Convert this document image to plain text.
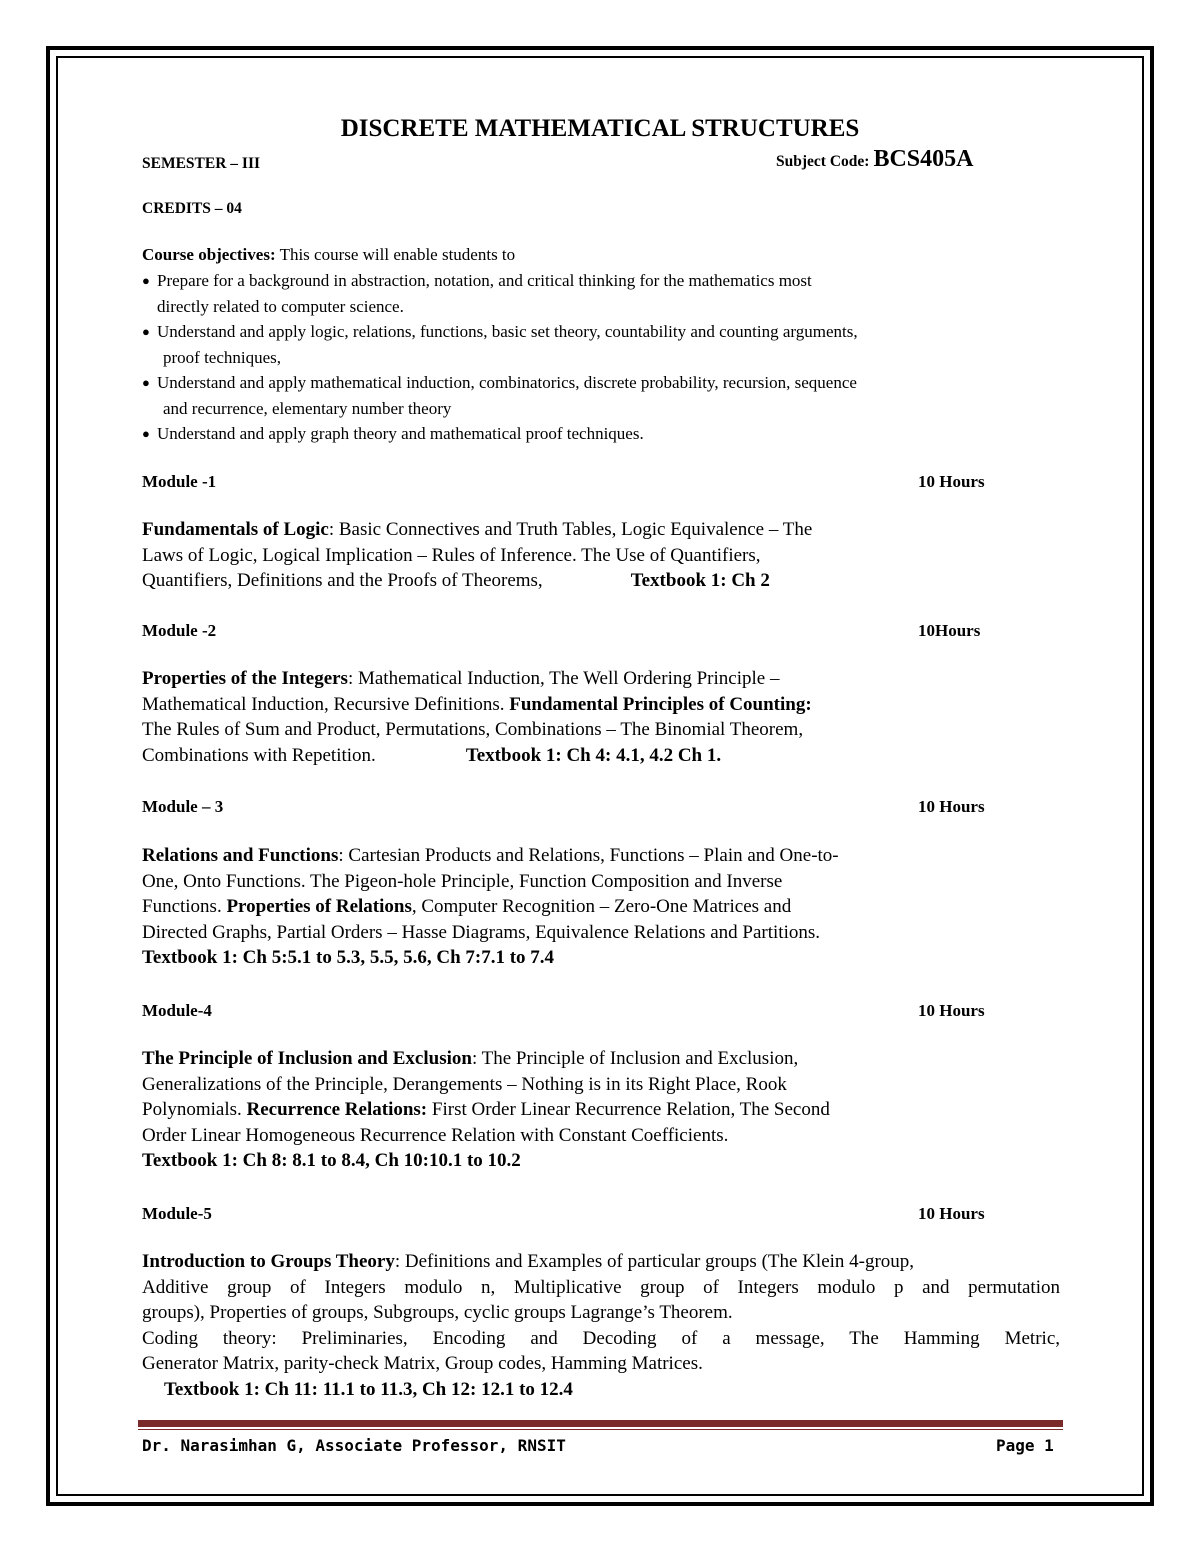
DISCRETE MATHEMATICAL STRUCTURES
SEMESTER – III	Subject Code: BCS405A
CREDITS – 04
Course objectives: This course will enable students to
● Prepare for a background in abstraction, notation, and critical thinking for the mathematics most
directly related to computer science.
● Understand and apply logic, relations, functions, basic set theory, countability and counting arguments,
proof techniques,
● Understand and apply mathematical induction, combinatorics, discrete probability, recursion, sequence
and recurrence, elementary number theory
● Understand and apply graph theory and mathematical proof techniques.
Module -1	10 Hours
Fundamentals of Logic: Basic Connectives and Truth Tables, Logic Equivalence – The
Laws of Logic, Logical Implication – Rules of Inference. The Use of Quantifiers,
Quantifiers, Definitions and the Proofs of Theorems,	Textbook 1: Ch 2
Module -2	10Hours
Properties of the Integers: Mathematical Induction, The Well Ordering Principle –
Mathematical Induction, Recursive Definitions. Fundamental Principles of Counting:
The Rules of Sum and Product, Permutations, Combinations – The Binomial Theorem,
Combinations with Repetition.	Textbook 1: Ch 4: 4.1, 4.2 Ch 1.
Module – 3	10 Hours
Relations and Functions: Cartesian Products and Relations, Functions – Plain and One-to-
One, Onto Functions. The Pigeon-hole Principle, Function Composition and Inverse
Functions. Properties of Relations, Computer Recognition – Zero-One Matrices and
Directed Graphs, Partial Orders – Hasse Diagrams, Equivalence Relations and Partitions.
Textbook 1: Ch 5:5.1 to 5.3, 5.5, 5.6, Ch 7:7.1 to 7.4
Module-4	10 Hours
The Principle of Inclusion and Exclusion: The Principle of Inclusion and Exclusion,
Generalizations of the Principle, Derangements – Nothing is in its Right Place, Rook
Polynomials. Recurrence Relations: First Order Linear Recurrence Relation, The Second
Order Linear Homogeneous Recurrence Relation with Constant Coefficients.
Textbook 1: Ch 8: 8.1 to 8.4, Ch 10:10.1 to 10.2
Module-5	10 Hours
Introduction to Groups Theory: Definitions and Examples of particular groups (The Klein 4-group,
Additive group of Integers modulo n, Multiplicative group of Integers modulo p and permutation
groups), Properties of groups, Subgroups, cyclic groups Lagrange’s Theorem.
Coding theory: Preliminaries, Encoding and Decoding of a message, The Hamming Metric,
Generator Matrix, parity-check Matrix, Group codes, Hamming Matrices.
Textbook 1: Ch 11: 11.1 to 11.3, Ch 12: 12.1 to 12.4
Dr. Narasimhan G, Associate Professor, RNSIT	Page 1
